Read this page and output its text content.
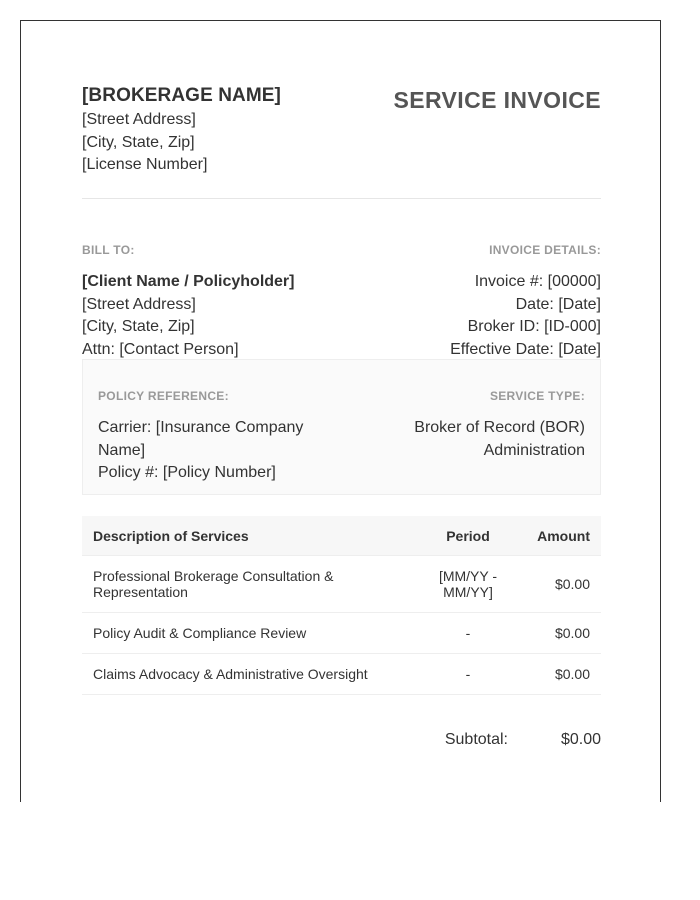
[BROKERAGE NAME]
[Street Address]
[City, State, Zip]
[License Number]
SERVICE INVOICE
BILL TO:
[Client Name / Policyholder]
[Street Address]
[City, State, Zip]
Attn: [Contact Person]
INVOICE DETAILS:
Invoice #: [00000]
Date: [Date]
Broker ID: [ID-000]
Effective Date: [Date]
POLICY REFERENCE:
Carrier: [Insurance Company Name]
Policy #: [Policy Number]
SERVICE TYPE:
Broker of Record (BOR) Administration
Description of Services	Period	Amount
Professional Brokerage Consultation & Representation	[MM/YY - MM/YY]	$0.00
Policy Audit & Compliance Review	-	$0.00
Claims Advocacy & Administrative Oversight	-	$0.00
Subtotal:	$0.00
